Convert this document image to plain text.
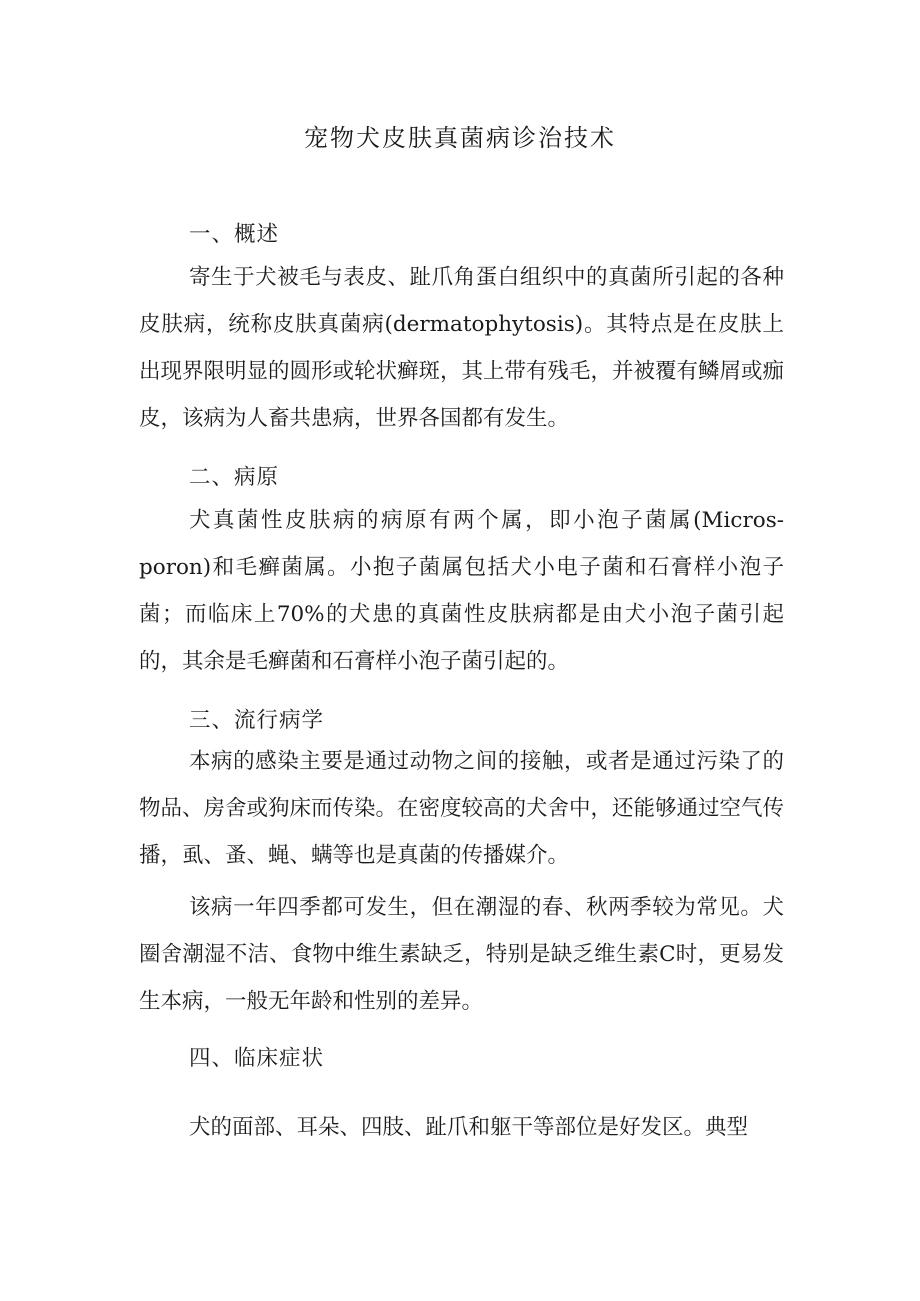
宠物犬皮肤真菌病诊治技术
一、概述
寄生于犬被毛与表皮、趾爪角蛋白组织中的真菌所引起的各种皮肤病，统称皮肤真菌病(dermatophytosis)。其特点是在皮肤上出现界限明显的圆形或轮状癣斑，其上带有残毛，并被覆有鳞屑或痂皮，该病为人畜共患病，世界各国都有发生。
二、病原
犬真菌性皮肤病的病原有两个属，即小泡子菌属(Micros-poron)和毛癣菌属。小抱子菌属包括犬小电子菌和石膏样小泡子菌；而临床上70%的犬患的真菌性皮肤病都是由犬小泡子菌引起的，其余是毛癣菌和石膏样小泡子菌引起的。
三、流行病学
本病的感染主要是通过动物之间的接触，或者是通过污染了的物品、房舍或狗床而传染。在密度较高的犬舍中，还能够通过空气传播，虱、蚤、蝇、螨等也是真菌的传播媒介。
该病一年四季都可发生，但在潮湿的春、秋两季较为常见。犬圈舍潮湿不洁、食物中维生素缺乏，特别是缺乏维生素C时，更易发生本病，一般无年龄和性别的差异。
四、临床症状
犬的面部、耳朵、四肢、趾爪和躯干等部位是好发区。典型
